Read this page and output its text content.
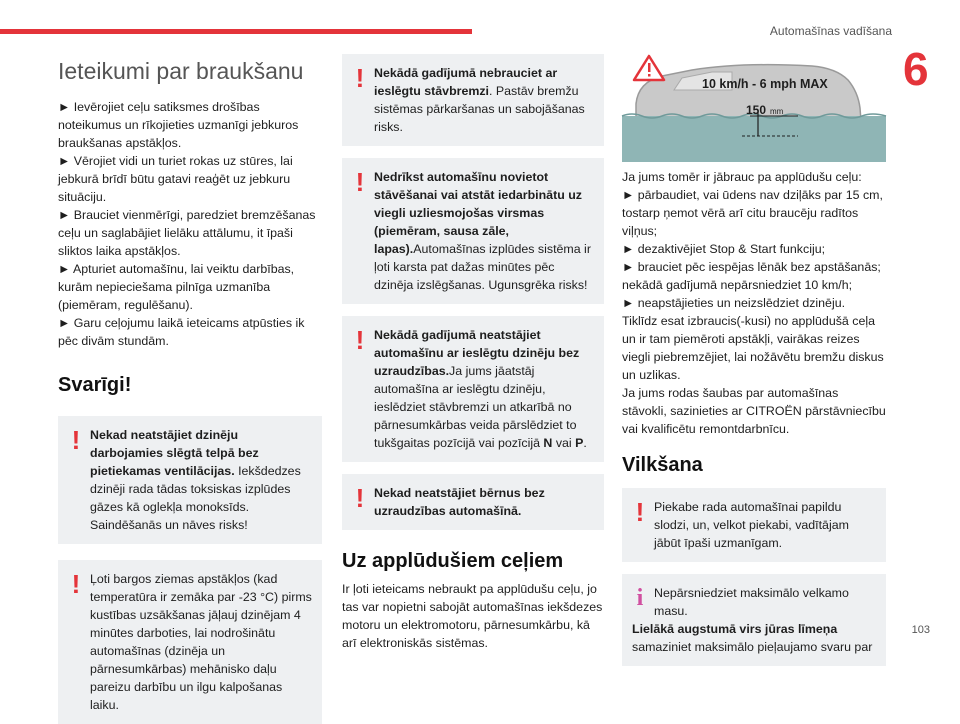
Automašīnas vadīšana
6
103
Ieteikumi par braukšanu

► Ievērojiet ceļu satiksmes drošības noteikumus un rīkojieties uzmanīgi jebkuros braukšanas apstākļos.

► Vērojiet vidi un turiet rokas uz stūres, lai jebkurā brīdī būtu gatavi reaģēt uz jebkuru situāciju.

► Brauciet vienmērīgi, paredziet bremzēšanas ceļu un saglabājiet lielāku attālumu, it īpaši sliktos laika apstākļos.

► Apturiet automašīnu, lai veiktu darbības, kurām nepieciešama pilnīga uzmanība (piemēram, regulēšanu).

► Garu ceļojumu laikā ieteicams atpūsties ik pēc divām stundām.

Svarīgi!
! Nekad neatstājiet dzinēju darbojamies slēgtā telpā bez pietiekamas ventilācijas. Iekšdedzes dzinēji rada tādas toksiskas izplūdes gāzes kā oglekļa monoksīds. Saindēšanās un nāves risks!

! Ļoti bargos ziemas apstākļos (kad temperatūra ir zemāka par -23 °C) pirms kustības uzsākšanas jāļauj dzinējam 4 minūtes darboties, lai nodrošinātu automašīnas (dzinēja un pārnesumkārbas) mehānisko daļu pareizu darbību un ilgu kalpošanas laiku.

! Nekādā gadījumā nebrauciet ar ieslēgtu stāvbremzi. Pastāv bremžu sistēmas pārkaršanas un sabojāšanas risks.

! Nedrīkst automašīnu novietot stāvēšanai vai atstāt iedarbinātu uz viegli uzliesmojošas virsmas (piemēram, sausa zāle, lapas).Automašīnas izplūdes sistēma ir ļoti karsta pat dažas minūtes pēc dzinēja izslēgšanas. Ugunsgrēka risks!

! Nekādā gadījumā neatstājiet automašīnu ar ieslēgtu dzinēju bez uzraudzības.Ja jums jāatstāj automašīna ar ieslēgtu dzinēju, ieslēdziet stāvbremzi un atkarībā no pārnesumkārbas veida pārslēdziet to tukšgaitas pozīcijā vai pozīcijā N vai P.

! Nekad neatstājiet bērnus bez uzraudzības automašīnā.

Uz applūdušiem ceļiem

Ir ļoti ieteicams nebraukt pa applūdušu ceļu, jo tas var nopietni sabojāt automašīnas iekšdezes motoru un elektromotoru, pārnesumkārbu, kā arī elektroniskās sistēmas.

10 km/h - 6 mph MAX
150 mm

Ja jums tomēr ir jābrauc pa applūdušu ceļu:

► pārbaudiet, vai ūdens nav dziļāks par 15 cm, tostarp ņemot vērā arī citu braucēju radītos viļņus;

► dezaktivējiet Stop & Start funkciju;

► brauciet pēc iespējas lēnāk bez apstāšanās; nekādā gadījumā nepārsniedziet 10 km/h;

► neapstājieties un neizslēdziet dzinēju.

Tiklīdz esat izbraucis(-kusi) no applūdušā ceļa un ir tam piemēroti apstākļi, vairākas reizes viegli piebremzējiet, lai nožāvētu bremžu diskus un uzlikas.

Ja jums rodas šaubas par automašīnas stāvokli, sazinieties ar CITROËN pārstāvniecību vai kvalificētu remontdarbnīcu.

Vilkšana
! Piekabe rada automašīnai papildu slodzi, un, velkot piekabi, vadītājam jābūt īpaši uzmanīgam.

i Nepārsniedziet maksimālo velkamo masu.

Lielākā augstumā virs jūras līmeņa

samaziniet maksimālo pieļaujamo svaru par
